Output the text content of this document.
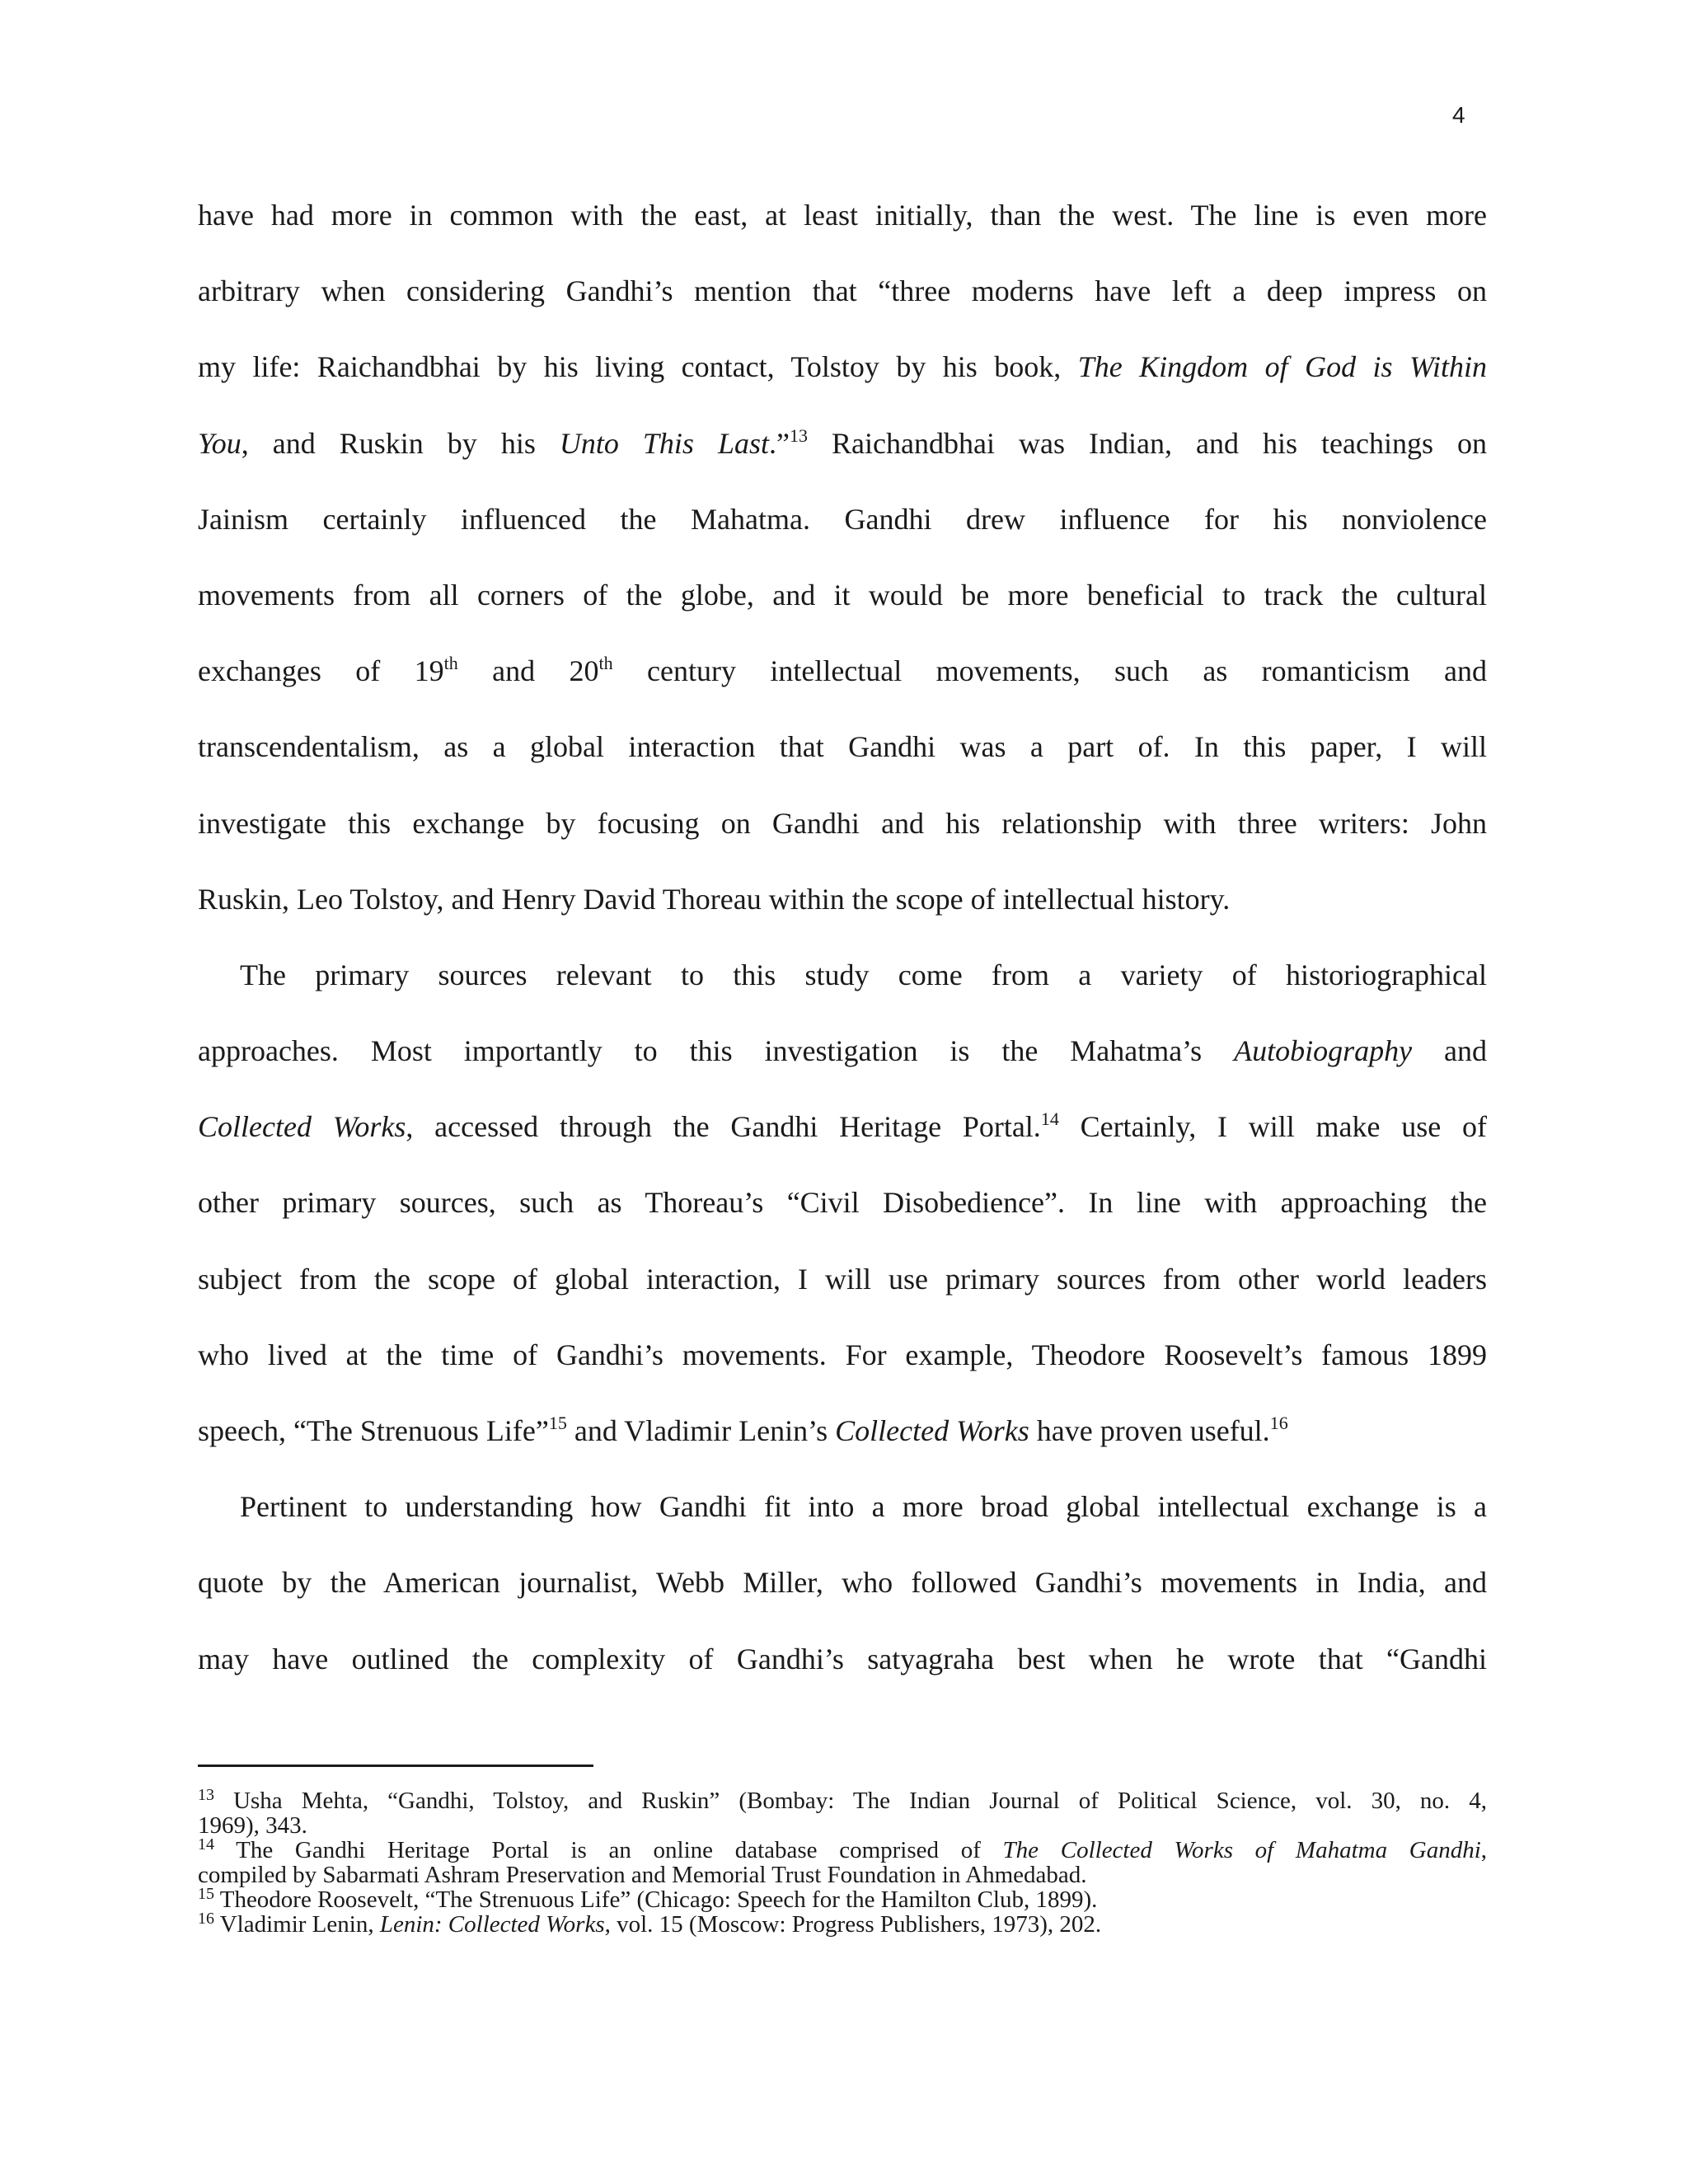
4
have had more in common with the east, at least initially, than the west. The line is even more
arbitrary when considering Gandhi’s mention that “three moderns have left a deep impress on
my life: Raichandbhai by his living contact, Tolstoy by his book, The Kingdom of God is Within
You, and Ruskin by his Unto This Last.”$^{13}$ Raichandbhai was Indian, and his teachings on
Jainism certainly influenced the Mahatma. Gandhi drew influence for his nonviolence
movements from all corners of the globe, and it would be more beneficial to track the cultural
exchanges of 19th and 20th century intellectual movements, such as romanticism and
transcendentalism, as a global interaction that Gandhi was a part of. In this paper, I will
investigate this exchange by focusing on Gandhi and his relationship with three writers: John
Ruskin, Leo Tolstoy, and Henry David Thoreau within the scope of intellectual history.
The primary sources relevant to this study come from a variety of historiographical
approaches. Most importantly to this investigation is the Mahatma’s Autobiography and
Collected Works, accessed through the Gandhi Heritage Portal.$^{14}$ Certainly, I will make use of
other primary sources, such as Thoreau’s “Civil Disobedience”. In line with approaching the
subject from the scope of global interaction, I will use primary sources from other world leaders
who lived at the time of Gandhi’s movements. For example, Theodore Roosevelt’s famous 1899
speech, “The Strenuous Life”$^{15}$ and Vladimir Lenin’s Collected Works have proven useful.$^{16}$
Pertinent to understanding how Gandhi fit into a more broad global intellectual exchange is a
quote by the American journalist, Webb Miller, who followed Gandhi’s movements in India, and
may have outlined the complexity of Gandhi’s satyagraha best when he wrote that “Gandhi
$^{13}$ Usha Mehta, “Gandhi, Tolstoy, and Ruskin” (Bombay: The Indian Journal of Political Science, vol. 30, no. 4,
1969), 343.
$^{14}$ The Gandhi Heritage Portal is an online database comprised of The Collected Works of Mahatma Gandhi,
compiled by Sabarmati Ashram Preservation and Memorial Trust Foundation in Ahmedabad.
$^{15}$ Theodore Roosevelt, “The Strenuous Life” (Chicago: Speech for the Hamilton Club, 1899).
$^{16}$ Vladimir Lenin, Lenin: Collected Works, vol. 15 (Moscow: Progress Publishers, 1973), 202.
